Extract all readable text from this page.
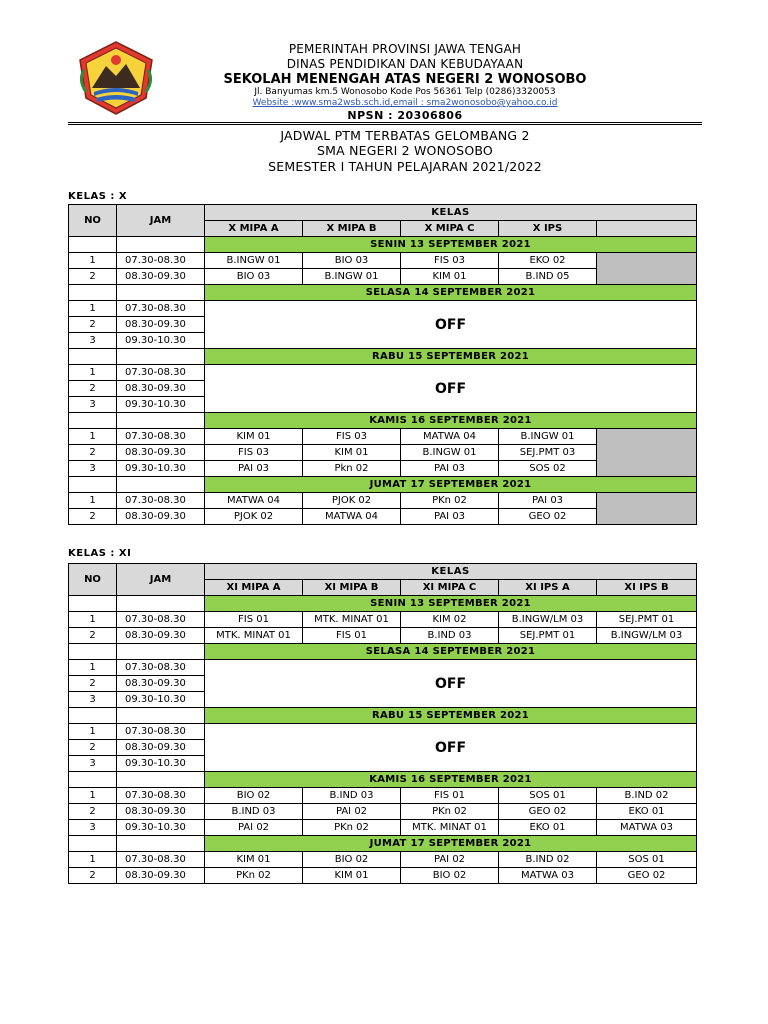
PEMERINTAH PROVINSI JAWA TENGAH
DINAS PENDIDIKAN DAN KEBUDAYAAN
SEKOLAH MENENGAH ATAS NEGERI 2 WONOSOBO
Jl. Banyumas km.5 Wonosobo Kode Pos 56361 Telp (0286)3320053
Website :www.sma2wsb.sch.id,email : sma2wonosobo@yahoo.co.id
NPSN : 20306806
JADWAL PTM TERBATAS GELOMBANG 2
SMA NEGERI 2 WONOSOBO
SEMESTER I TAHUN PELAJARAN 2021/2022
KELAS : X
NO	JAM	KELAS				
		X MIPA A	X MIPA B	X MIPA C	X IPS	
		SENIN 13 SEPTEMBER 2021				
1	07.30-08.30	B.INGW 01	BIO 03	FIS 03	EKO 02	
2	08.30-09.30	BIO 03	B.INGW 01	KIM 01	B.IND 05	
		SELASA 14 SEPTEMBER 2021				
1	07.30-08.30	OFF				
2	08.30-09.30					
3	09.30-10.30					
		RABU 15 SEPTEMBER 2021				
1	07.30-08.30	OFF				
2	08.30-09.30					
3	09.30-10.30					
		KAMIS 16 SEPTEMBER 2021				
1	07.30-08.30	KIM 01	FIS 03	MATWA 04	B.INGW 01	
2	08.30-09.30	FIS 03	KIM 01	B.INGW 01	SEJ.PMT 03	
3	09.30-10.30	PAI 03	Pkn 02	PAI 03	SOS 02	
		JUMAT 17 SEPTEMBER 2021				
1	07.30-08.30	MATWA 04	PJOK 02	PKn 02	PAI 03	
2	08.30-09.30	PJOK 02	MATWA 04	PAI 03	GEO 02	
KELAS : XI
NO	JAM	KELAS				
		XI MIPA A	XI MIPA B	XI MIPA C	XI IPS A	XI IPS B
		SENIN 13 SEPTEMBER 2021				
1	07.30-08.30	FIS 01	MTK. MINAT 01	KIM 02	B.INGW/LM 03	SEJ.PMT 01
2	08.30-09.30	MTK. MINAT 01	FIS 01	B.IND 03	SEJ.PMT 01	B.INGW/LM 03
		SELASA 14 SEPTEMBER 2021				
1	07.30-08.30	OFF				
2	08.30-09.30					
3	09.30-10.30					
		RABU 15 SEPTEMBER 2021				
1	07.30-08.30	OFF				
2	08.30-09.30					
3	09.30-10.30					
		KAMIS 16 SEPTEMBER 2021				
1	07.30-08.30	BIO 02	B.IND 03	FIS 01	SOS 01	B.IND 02
2	08.30-09.30	B.IND 03	PAI 02	PKn 02	GEO 02	EKO 01
3	09.30-10.30	PAI 02	PKn 02	MTK. MINAT 01	EKO 01	MATWA 03
		JUMAT 17 SEPTEMBER 2021				
1	07.30-08.30	KIM 01	BIO 02	PAI 02	B.IND 02	SOS 01
2	08.30-09.30	PKn 02	KIM 01	BIO 02	MATWA 03	GEO 02
